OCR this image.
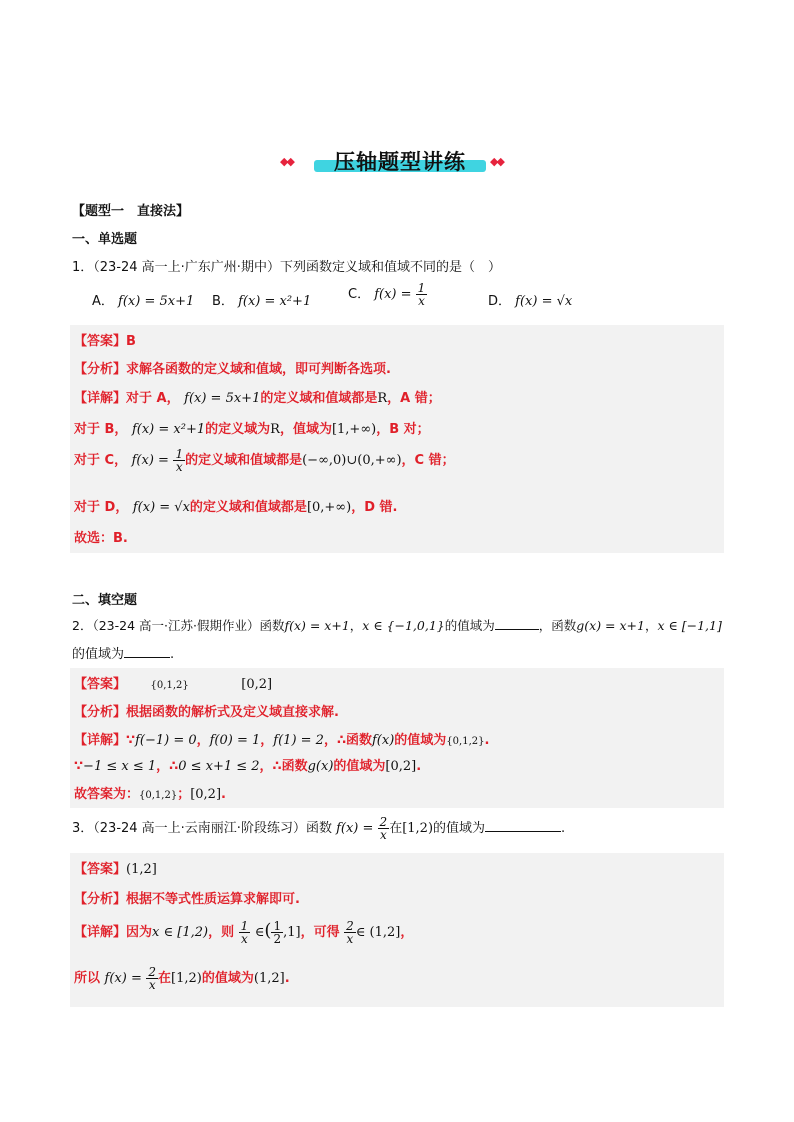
◆◆	压轴题型讲练	◆◆
【题型一　直接法】
一、单选题
1．（23-24 高一上·广东广州·期中）下列函数定义域和值域不同的是（　）
A． f(x) = 5x+1 B． f(x) = x²+1	C． $f(x) = \frac{1}{x}$	D． f(x) = √x
【答案】B
【分析】求解各函数的定义域和值域，即可判断各选项.
【详解】对于 A， f(x) = 5x+1的定义域和值域都是R，A 错；
对于 B， f(x) = x²+1的定义域为R，值域为[1,+∞)，B 对；
对于 C， $f(x) = \frac{1}{x}$ 的定义域和值域都是(−∞,0)∪(0,+∞)，C 错；
对于 D， f(x) = √x的定义域和值域都是[0,+∞)，D 错.
故选：B.
二、填空题
2．（23-24 高一·江苏·假期作业）函数f(x) = x+1，x ∈ {−1,0,1}的值域为	，函数g(x) = x+1，x ∈ [−1,1]
的值域为	.
【答案】 {0,1,2}	[0,2]
【分析】根据函数的解析式及定义域直接求解.
【详解】∵f(−1) = 0，f(0) = 1，f(1) = 2，∴函数f(x)的值域为{0,1,2}.
∵−1 ≤ x ≤ 1，∴0 ≤ x+1 ≤ 2，∴函数g(x)的值域为[0,2].
故答案为：{0,1,2}；[0,2].
3．（23-24 高一上·云南丽江·阶段练习）函数 $f(x) = \frac{2}{x}$ 在[1,2)的值域为	.
【答案】(1,2]
【分析】根据不等式性质运算求解即可.
【详解】因为x ∈ [1,2)，则 $\frac{1}{x}$ ∈( $\frac{1}{2} ,1$]，可得 $\frac{2}{x}$ ∈ (1,2]，
所以 $f(x) = \frac{2}{x}$ 在[1,2)的值域为(1,2].
